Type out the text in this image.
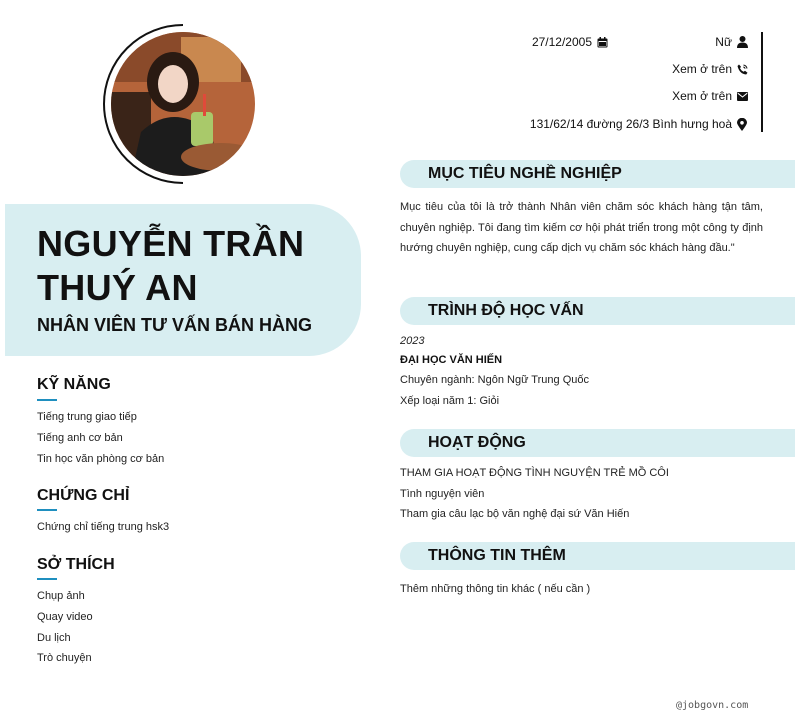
NGUYỄN TRẦN
THUÝ AN
NHÂN VIÊN TƯ VẤN BÁN HÀNG
KỸ NĂNG
Tiếng trung giao tiếp
Tiếng anh cơ bản
Tin học văn phòng cơ bản
CHỨNG CHỈ
Chứng chỉ tiếng trung hsk3
SỞ THÍCH
Chụp ảnh
Quay video
Du lịch
Trò chuyện
27/12/2005	Nữ
Xem ở trên
Xem ở trên
131/62/14 đường 26/3 Bình hưng hoà
MỤC TIÊU NGHỀ NGHIỆP
Mục tiêu của tôi là trở thành Nhân viên chăm sóc khách hàng tận tâm, chuyên nghiệp. Tôi đang tìm kiếm cơ hội phát triển trong một công ty định hướng chuyên nghiệp, cung cấp dịch vụ chăm sóc khách hàng đầu."
TRÌNH ĐỘ HỌC VẤN
2023
ĐẠI HỌC VĂN HIẾN
Chuyên ngành: Ngôn Ngữ Trung Quốc
Xếp loại năm 1: Giỏi
HOẠT ĐỘNG
THAM GIA HOẠT ĐỘNG TÌNH NGUYỆN TRẺ MỒ CÔI
Tình nguyện viên
Tham gia câu lạc bộ văn nghệ đại sứ Văn Hiến
THÔNG TIN THÊM
Thêm những thông tin khác ( nếu cần )
@jobgovn.com
